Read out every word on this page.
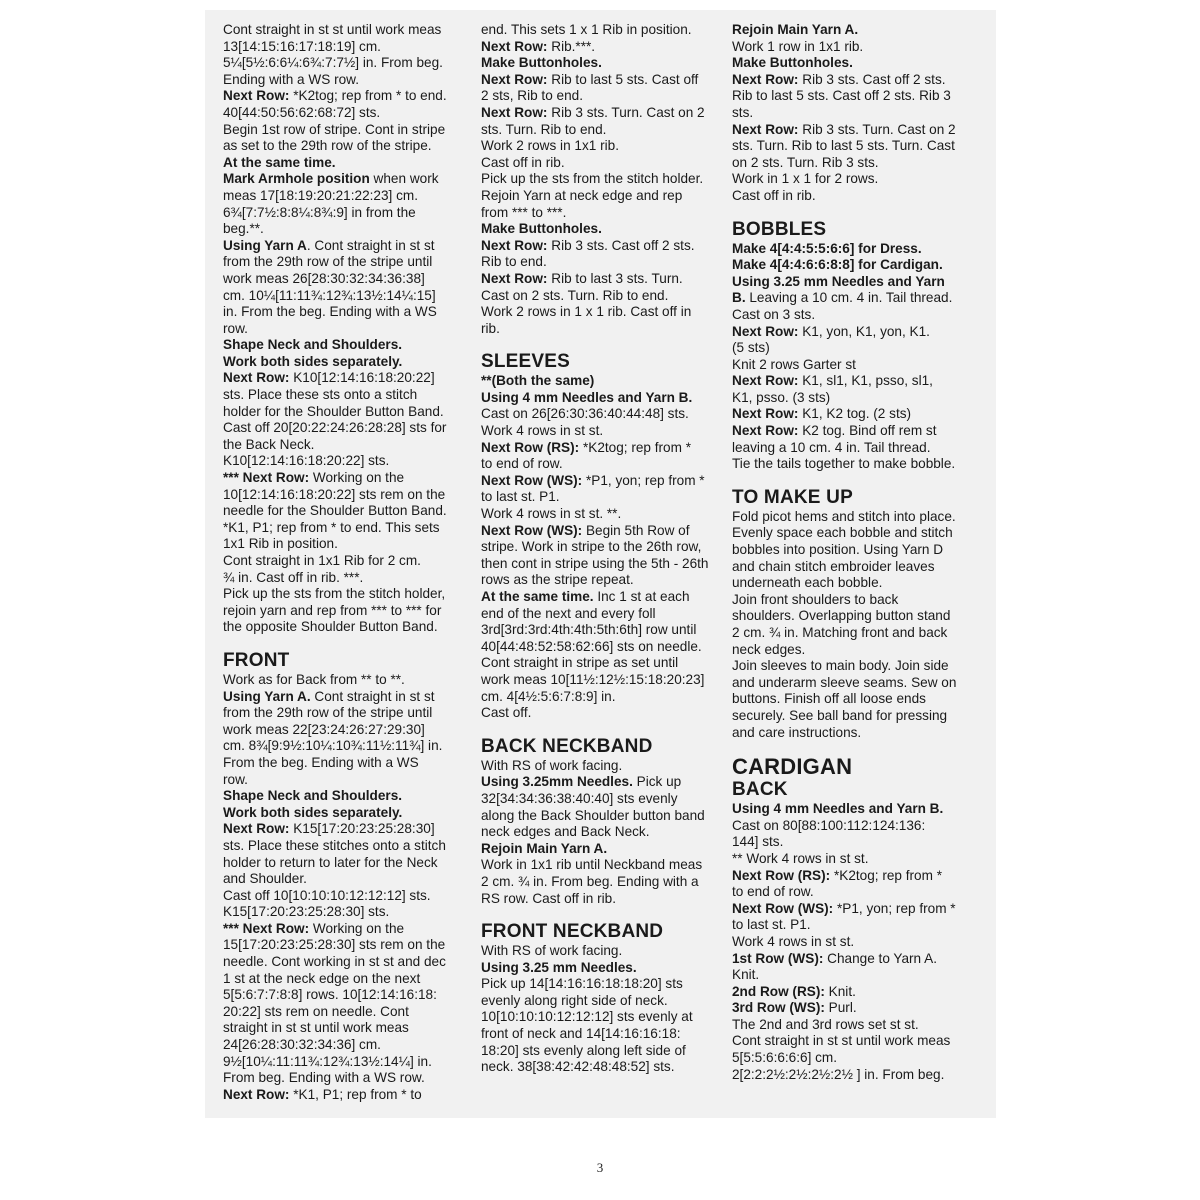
Cont straight in st st until work meas
13[14:15:16:17:18:19] cm.
5¼[5½:6:6¼:6¾:7:7½] in. From beg.
Ending with a WS row.
Next Row: *K2tog; rep from * to end.
40[44:50:56:62:68:72] sts.
Begin 1st row of stripe. Cont in stripe
as set to the 29th row of the stripe.
At the same time.
Mark Armhole position when work
meas 17[18:19:20:21:22:23] cm.
6¾[7:7½:8:8¼:8¾:9] in from the
beg.**.
Using Yarn A. Cont straight in st st
from the 29th row of the stripe until
work meas 26[28:30:32:34:36:38]
cm. 10¼[11:11¾:12¾:13½:14¼:15]
in. From the beg. Ending with a WS
row.
Shape Neck and Shoulders.
Work both sides separately.
Next Row: K10[12:14:16:18:20:22]
sts. Place these sts onto a stitch
holder for the Shoulder Button Band.
Cast off 20[20:22:24:26:28:28] sts for
the Back Neck.
K10[12:14:16:18:20:22] sts.
*** Next Row: Working on the
10[12:14:16:18:20:22] sts rem on the
needle for the Shoulder Button Band.
*K1, P1; rep from * to end. This sets
1x1 Rib in position.
Cont straight in 1x1 Rib for 2 cm.
¾ in. Cast off in rib. ***.
Pick up the sts from the stitch holder,
rejoin yarn and rep from *** to *** for
the opposite Shoulder Button Band.
FRONT
Work as for Back from ** to **.
Using Yarn A. Cont straight in st st
from the 29th row of the stripe until
work meas 22[23:24:26:27:29:30]
cm. 8¾[9:9½:10¼:10¾:11½:11¾] in.
From the beg. Ending with a WS
row.
Shape Neck and Shoulders.
Work both sides separately.
Next Row: K15[17:20:23:25:28:30]
sts. Place these stitches onto a stitch
holder to return to later for the Neck
and Shoulder.
Cast off 10[10:10:10:12:12:12] sts.
K15[17:20:23:25:28:30] sts.
*** Next Row: Working on the
15[17:20:23:25:28:30] sts rem on the
needle. Cont working in st st and dec
1 st at the neck edge on the next
5[5:6:7:7:8:8] rows. 10[12:14:16:18:
20:22] sts rem on needle. Cont
straight in st st until work meas
24[26:28:30:32:34:36] cm.
9½[10¼:11:11¾:12¾:13½:14¼] in.
From beg. Ending with a WS row.
Next Row: *K1, P1; rep from * to
end. This sets 1 x 1 Rib in position.
Next Row: Rib.***.
Make Buttonholes.
Next Row: Rib to last 5 sts. Cast off
2 sts, Rib to end.
Next Row: Rib 3 sts. Turn. Cast on 2
sts. Turn. Rib to end.
Work 2 rows in 1x1 rib.
Cast off in rib.
Pick up the sts from the stitch holder.
Rejoin Yarn at neck edge and rep
from *** to ***.
Make Buttonholes.
Next Row: Rib 3 sts. Cast off 2 sts.
Rib to end.
Next Row: Rib to last 3 sts. Turn.
Cast on 2 sts. Turn. Rib to end.
Work 2 rows in 1 x 1 rib. Cast off in
rib.
SLEEVES
**(Both the same)
Using 4 mm Needles and Yarn B.
Cast on 26[26:30:36:40:44:48] sts.
Work 4 rows in st st.
Next Row (RS): *K2tog; rep from *
to end of row.
Next Row (WS): *P1, yon; rep from *
to last st. P1.
Work 4 rows in st st. **.
Next Row (WS): Begin 5th Row of
stripe. Work in stripe to the 26th row,
then cont in stripe using the 5th - 26th
rows as the stripe repeat.
At the same time. Inc 1 st at each
end of the next and every foll
3rd[3rd:3rd:4th:4th:5th:6th] row until
40[44:48:52:58:62:66] sts on needle.
Cont straight in stripe as set until
work meas 10[11½:12½:15:18:20:23]
cm. 4[4½:5:6:7:8:9] in.
Cast off.
BACK NECKBAND
With RS of work facing.
Using 3.25mm Needles. Pick up
32[34:34:36:38:40:40] sts evenly
along the Back Shoulder button band
neck edges and Back Neck.
Rejoin Main Yarn A.
Work in 1x1 rib until Neckband meas
2 cm. ¾ in. From beg. Ending with a
RS row. Cast off in rib.
FRONT NECKBAND
With RS of work facing.
Using 3.25 mm Needles.
Pick up 14[14:16:16:18:18:20] sts
evenly along right side of neck.
10[10:10:10:12:12:12] sts evenly at
front of neck and 14[14:16:16:18:
18:20] sts evenly along left side of
neck. 38[38:42:42:48:48:52] sts.
Rejoin Main Yarn A.
Work 1 row in 1x1 rib.
Make Buttonholes.
Next Row: Rib 3 sts. Cast off 2 sts.
Rib to last 5 sts. Cast off 2 sts. Rib 3
sts.
Next Row: Rib 3 sts. Turn. Cast on 2
sts. Turn. Rib to last 5 sts. Turn. Cast
on 2 sts. Turn. Rib 3 sts.
Work in 1 x 1 for 2 rows.
Cast off in rib.
BOBBLES
Make 4[4:4:5:5:6:6] for Dress.
Make 4[4:4:6:6:8:8] for Cardigan.
Using 3.25 mm Needles and Yarn
B. Leaving a 10 cm. 4 in. Tail thread.
Cast on 3 sts.
Next Row: K1, yon, K1, yon, K1.
(5 sts)
Knit 2 rows Garter st
Next Row: K1, sl1, K1, psso, sl1,
K1, psso. (3 sts)
Next Row: K1, K2 tog. (2 sts)
Next Row: K2 tog. Bind off rem st
leaving a 10 cm. 4 in. Tail thread.
Tie the tails together to make bobble.
TO MAKE UP
Fold picot hems and stitch into place.
Evenly space each bobble and stitch
bobbles into position. Using Yarn D
and chain stitch embroider leaves
underneath each bobble.
Join front shoulders to back
shoulders. Overlapping button stand
2 cm. ¾ in. Matching front and back
neck edges.
Join sleeves to main body. Join side
and underarm sleeve seams. Sew on
buttons. Finish off all loose ends
securely. See ball band for pressing
and care instructions.
CARDIGAN
BACK
Using 4 mm Needles and Yarn B.
Cast on 80[88:100:112:124:136:
144] sts.
** Work 4 rows in st st.
Next Row (RS): *K2tog; rep from *
to end of row.
Next Row (WS): *P1, yon; rep from *
to last st. P1.
Work 4 rows in st st.
1st Row (WS): Change to Yarn A.
Knit.
2nd Row (RS): Knit.
3rd Row (WS): Purl.
The 2nd and 3rd rows set st st.
Cont straight in st st until work meas
5[5:5:6:6:6:6] cm.
2[2:2:2½:2½:2½:2½ ] in. From beg.
3
